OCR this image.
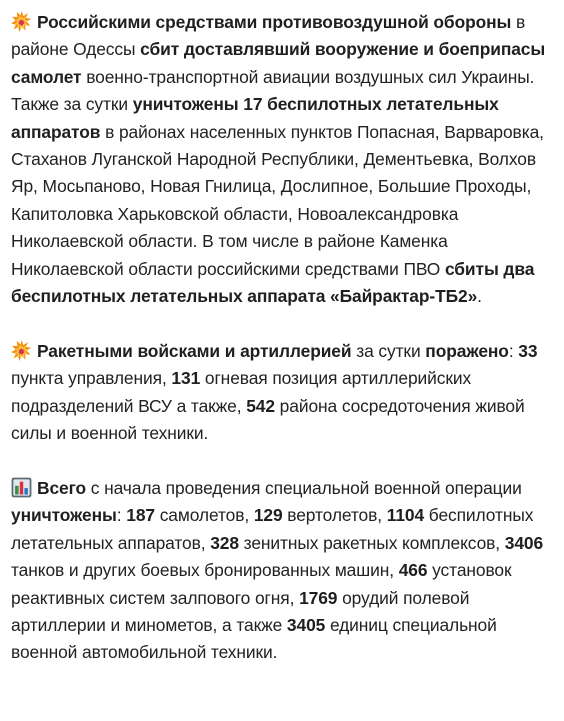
Российскими средствами противовоздушной обороны в районе Одессы сбит доставлявший вооружение и боеприпасы самолет военно-транспортной авиации воздушных сил Украины. Также за сутки уничтожены 17 беспилотных летательных аппаратов в районах населенных пунктов Попасная, Варваровка, Стаханов Луганской Народной Республики, Дементьевка, Волхов Яр, Мосьпаново, Новая Гнилица, Дослипное, Большие Проходы, Капитоловка Харьковской области, Новоалександровка Николаевской области. В том числе в районе Каменка Николаевской области российскими средствами ПВО сбиты два беспилотных летательных аппарата «Байрактар-ТБ2».

Ракетными войсками и артиллерией за сутки поражено: 33 пункта управления, 131 огневая позиция артиллерийских подразделений ВСУ а также, 542 района сосредоточения живой силы и военной техники.

Всего с начала проведения специальной военной операции уничтожены: 187 самолетов, 129 вертолетов, 1104 беспилотных летательных аппаратов, 328 зенитных ракетных комплексов, 3406 танков и других боевых бронированных машин, 466 установок реактивных систем залпового огня, 1769 орудий полевой артиллерии и минометов, а также 3405 единиц специальной военной автомобильной техники.
